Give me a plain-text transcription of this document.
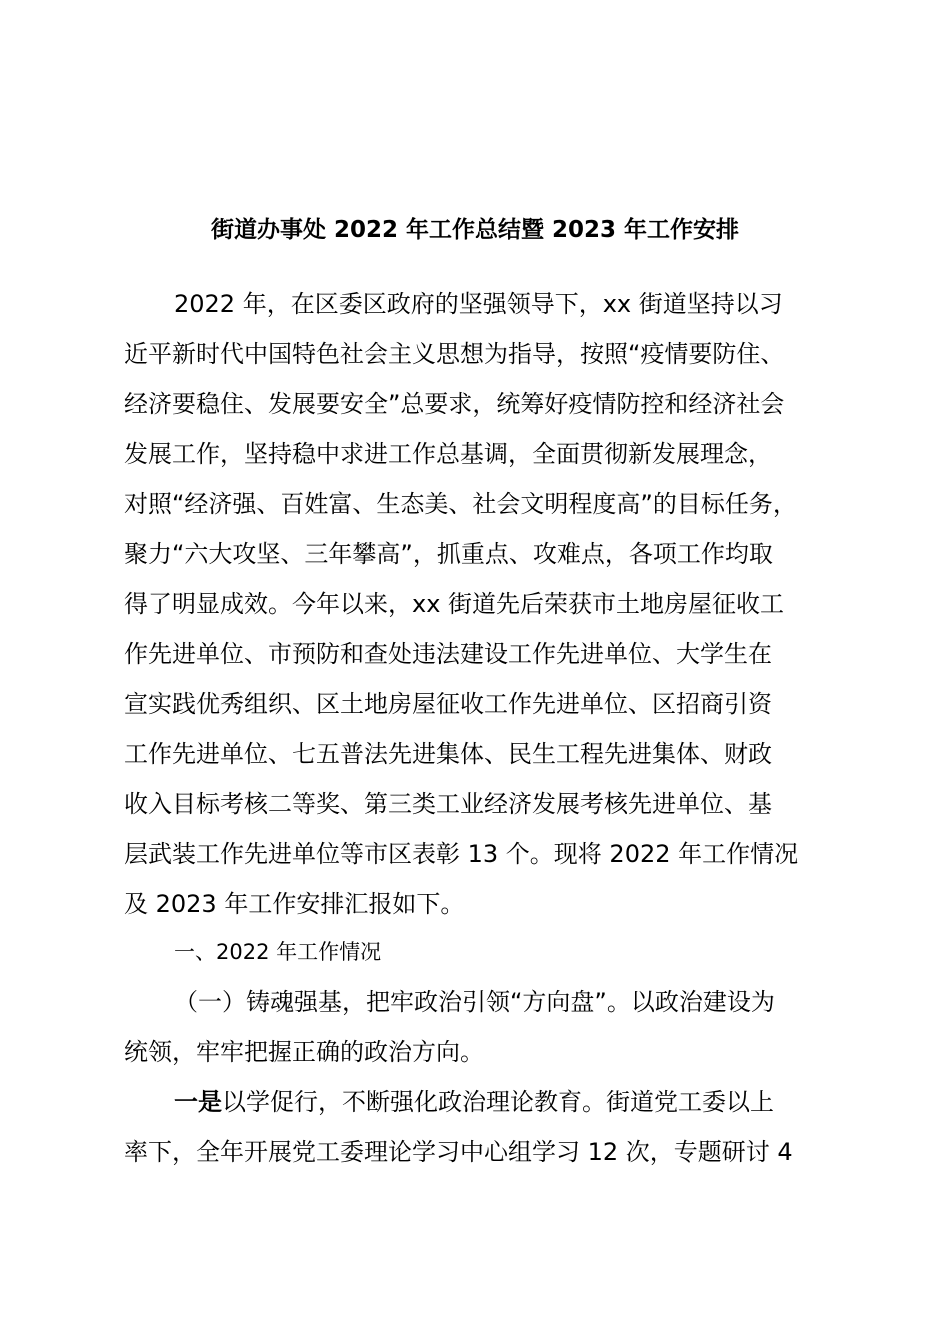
街道办事处 2022 年工作总结暨 2023 年工作安排
2022 年，在区委区政府的坚强领导下，xx 街道坚持以习
近平新时代中国特色社会主义思想为指导，按照“疫情要防住、
经济要稳住、发展要安全”总要求，统筹好疫情防控和经济社会
发展工作，坚持稳中求进工作总基调，全面贯彻新发展理念，
对照“经济强、百姓富、生态美、社会文明程度高”的目标任务，
聚力“六大攻坚、三年攀高”，抓重点、攻难点，各项工作均取
得了明显成效。今年以来，xx 街道先后荣获市土地房屋征收工
作先进单位、市预防和查处违法建设工作先进单位、大学生在
宣实践优秀组织、区土地房屋征收工作先进单位、区招商引资
工作先进单位、七五普法先进集体、民生工程先进集体、财政
收入目标考核二等奖、第三类工业经济发展考核先进单位、基
层武装工作先进单位等市区表彰 13 个。现将 2022 年工作情况
及 2023 年工作安排汇报如下。
一、2022 年工作情况
（一）铸魂强基，把牢政治引领“方向盘”。以政治建设为
统领，牢牢把握正确的政治方向。
一是以学促行，不断强化政治理论教育。街道党工委以上
率下，全年开展党工委理论学习中心组学习 12 次，专题研讨 4
